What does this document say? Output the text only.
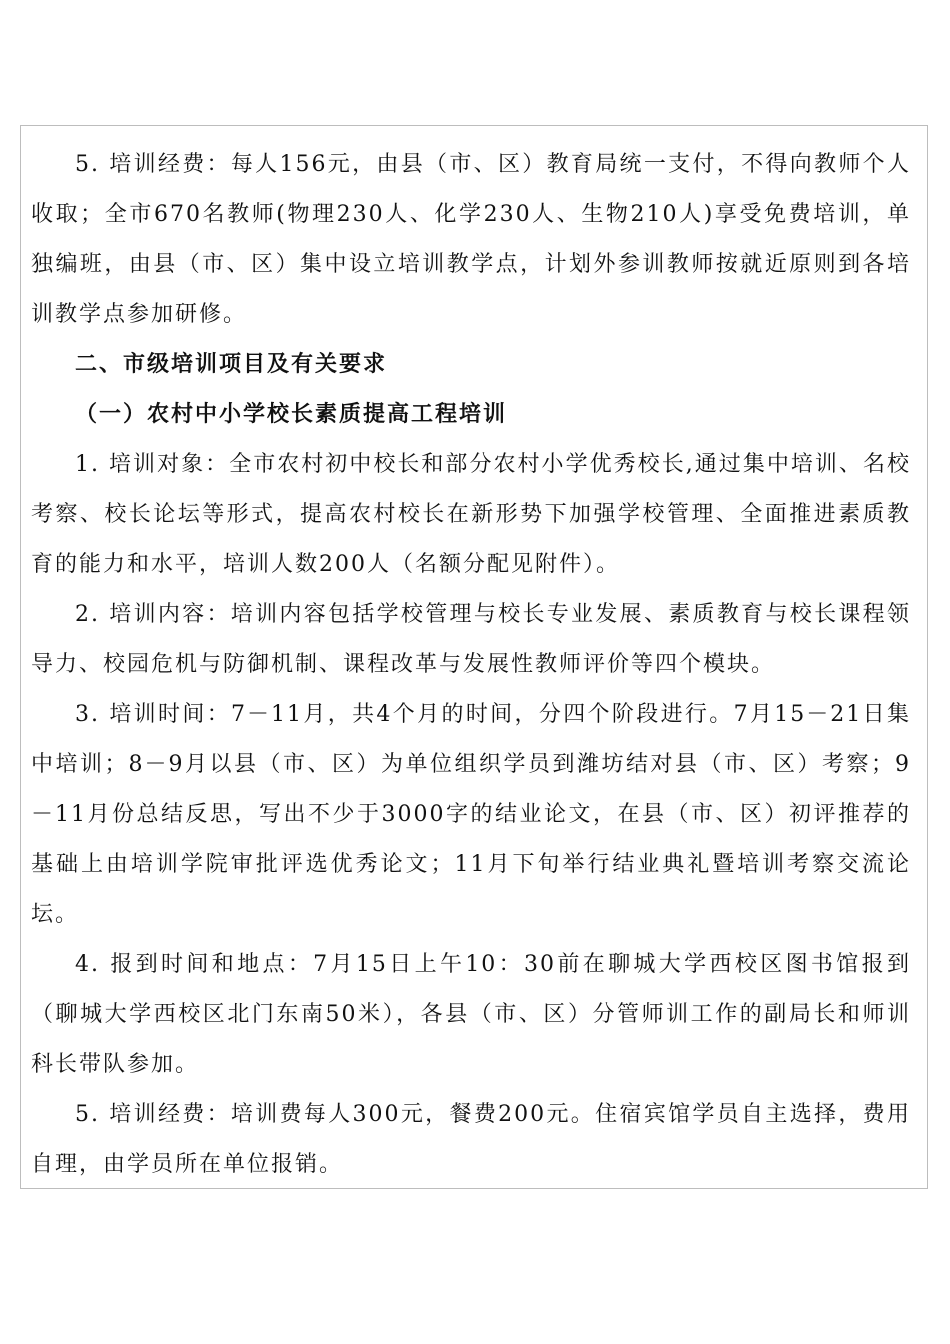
5. 培训经费：每人156元，由县（市、区）教育局统一支付，不得向教师个人收取；全市670名教师(物理230人、化学230人、生物210人)享受免费培训，单独编班，由县（市、区）集中设立培训教学点，计划外参训教师按就近原则到各培训教学点参加研修。

二、市级培训项目及有关要求

（一）农村中小学校长素质提高工程培训

1. 培训对象：全市农村初中校长和部分农村小学优秀校长,通过集中培训、名校考察、校长论坛等形式，提高农村校长在新形势下加强学校管理、全面推进素质教育的能力和水平，培训人数200人（名额分配见附件）。

2. 培训内容：培训内容包括学校管理与校长专业发展、素质教育与校长课程领导力、校园危机与防御机制、课程改革与发展性教师评价等四个模块。

3. 培训时间：7－11月，共4个月的时间，分四个阶段进行。7月15－21日集中培训；8－9月以县（市、区）为单位组织学员到潍坊结对县（市、区）考察；9－11月份总结反思，写出不少于3000字的结业论文，在县（市、区）初评推荐的基础上由培训学院审批评选优秀论文；11月下旬举行结业典礼暨培训考察交流论坛。

4. 报到时间和地点：7月15日上午10：30前在聊城大学西校区图书馆报到（聊城大学西校区北门东南50米），各县（市、区）分管师训工作的副局长和师训科长带队参加。

5. 培训经费：培训费每人300元，餐费200元。住宿宾馆学员自主选择，费用自理，由学员所在单位报销。
